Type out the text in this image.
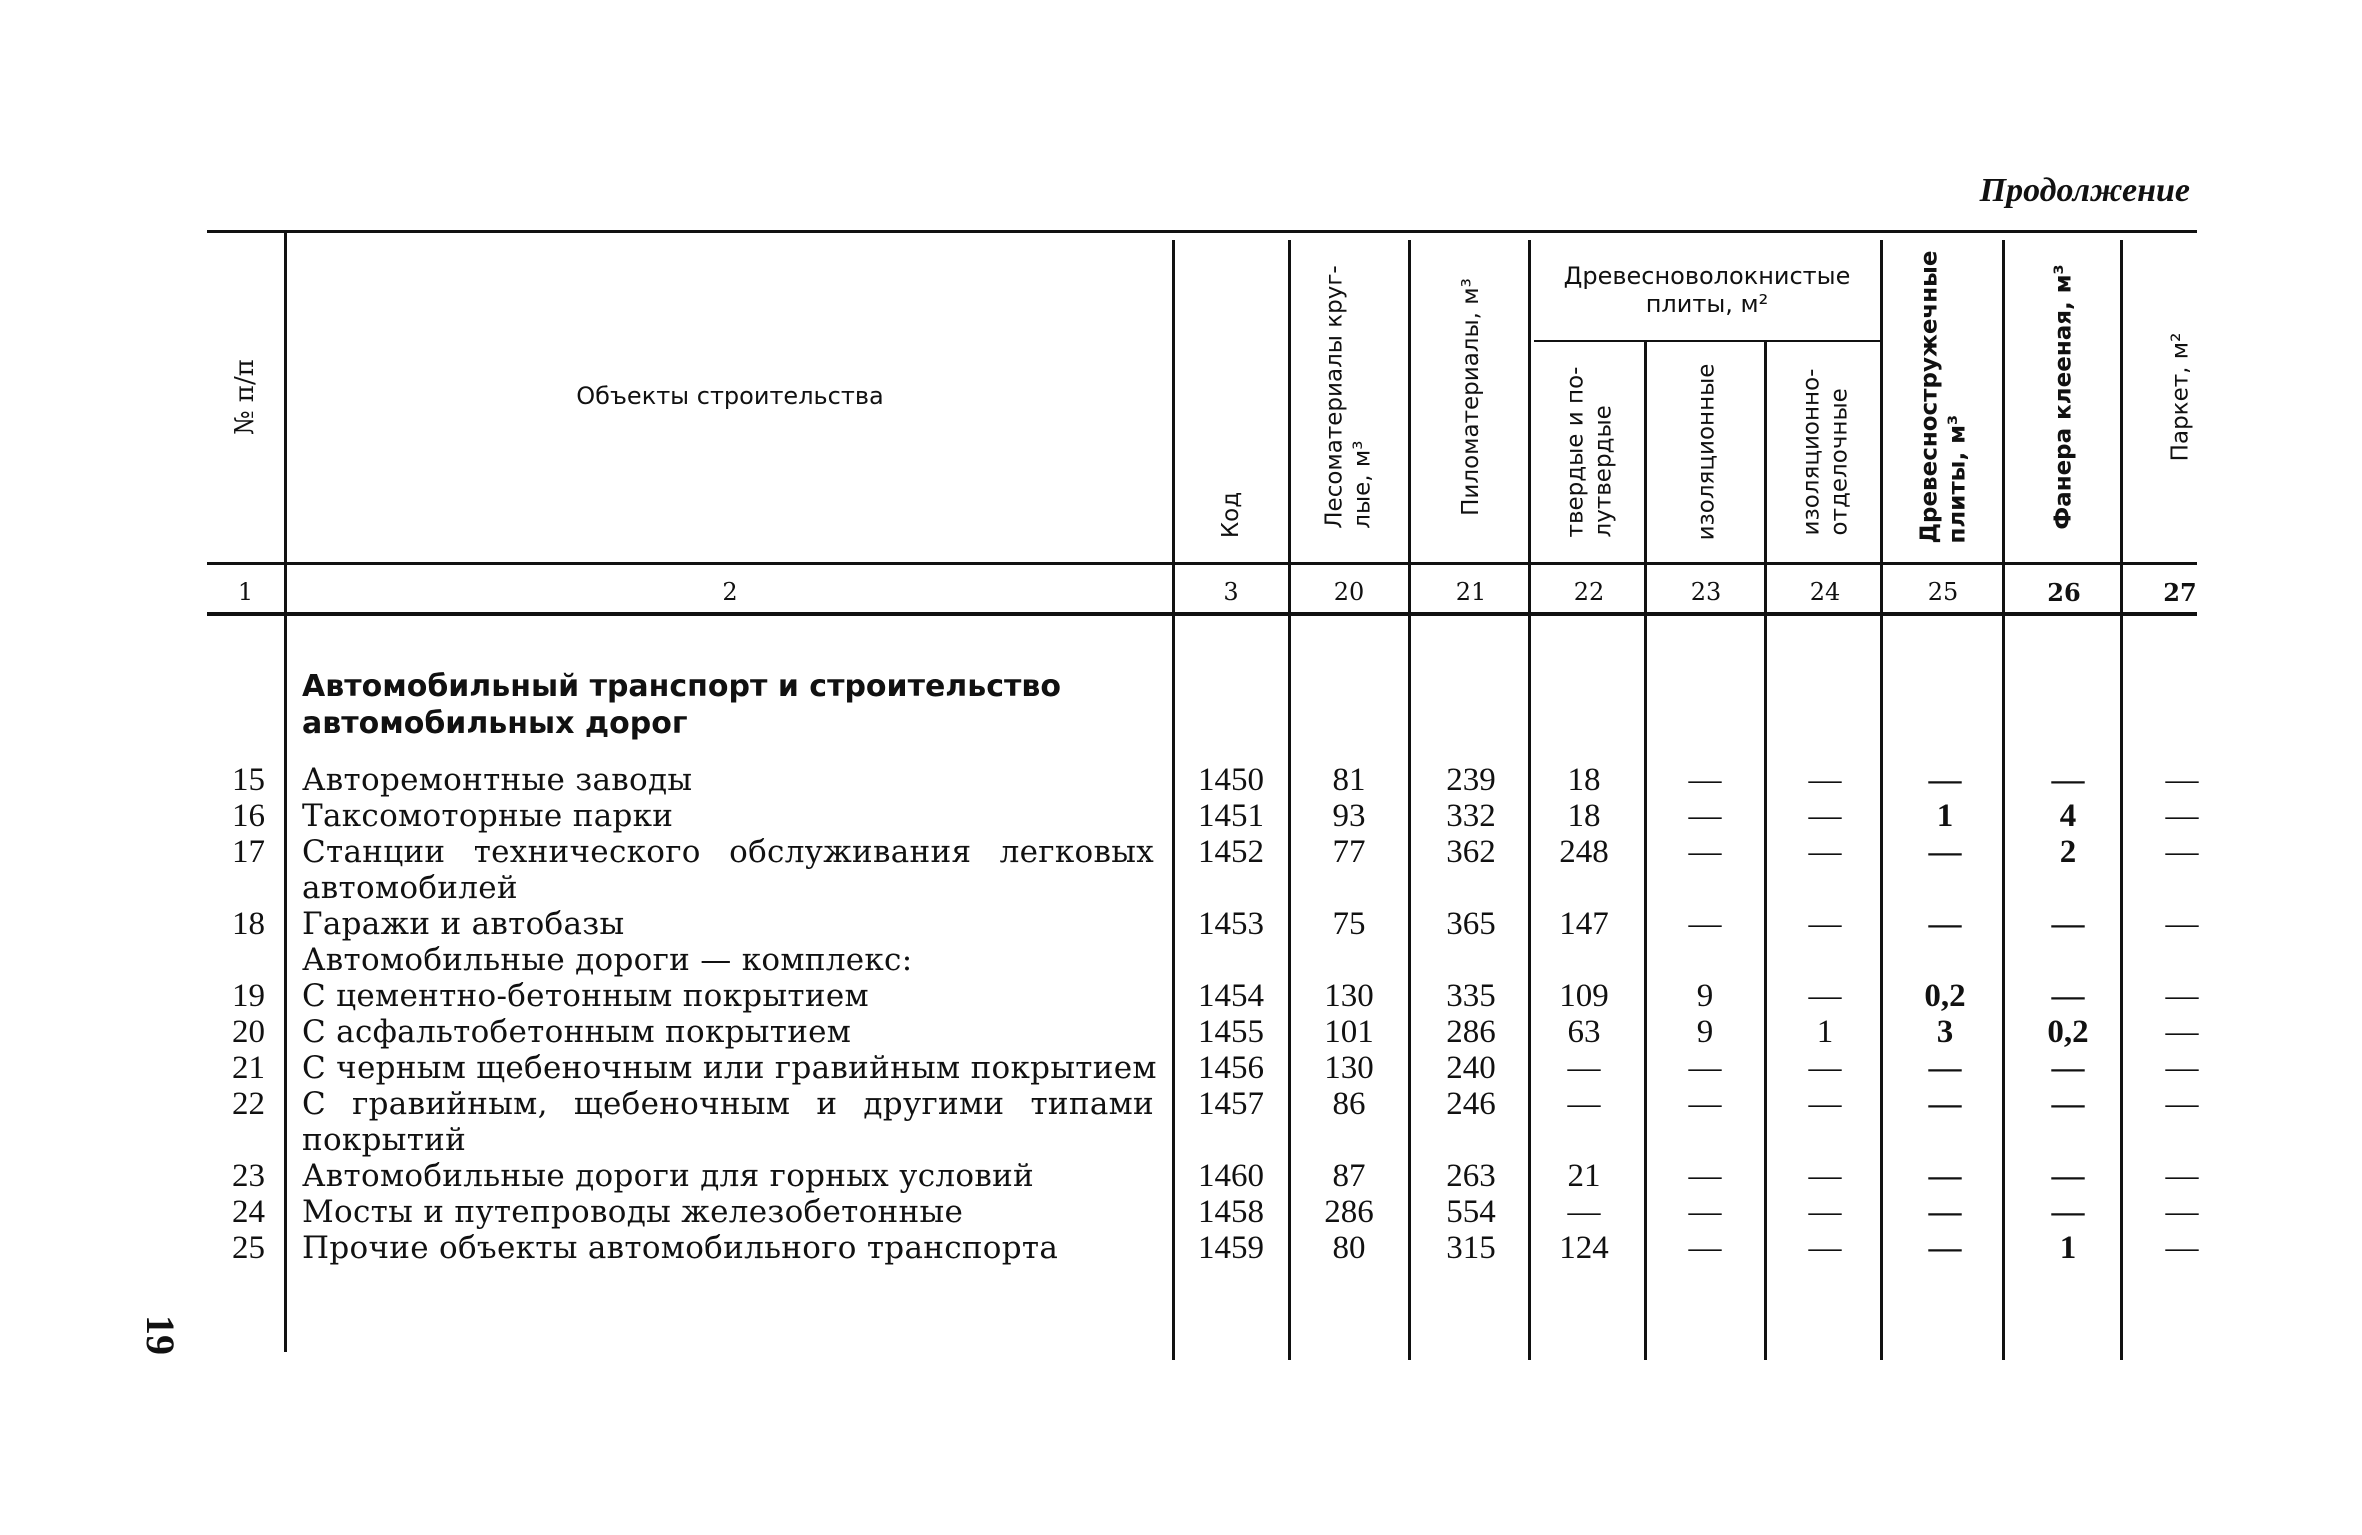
Продолжение
№ п/п	Объекты строительства
Код	Лесоматериалы круг- лые, м³	Пиломатериалы, м³
Древесноволокнистые
плиты, м²
твердые и по- лутвердые	изоляционные	изоляционно- отделочные	Древесностружечные плиты, м³	Фанера клееная, м³	Паркет, м²
1	2	3	20	21	22	23	24	25	26	27
Автомобильный транспорт и строительство
автомобильных дорог
15 Авторемонтные заводы	1450	81	239	18	—	—	—	—	—
16 Таксомоторные парки	1451	93	332	18	—	—	1	4	—
17 Станции технического обслуживания легковых автомобилей
1452	77	362	248	—	—	—	2	—
18 Гаражи и автобазы	1453	75	365	147	—	—	—	—	—
Автомобильные дороги — комплекс:
19 С цементно-бетонным покрытием	1454	130	335	109	9	—	0,2	—	—
20 С асфальтобетонным покрытием	1455	101	286	63	9	1	3	0,2	—
21 С черным щебеночным или гравийным покрытием	1456	130	240	—	—	—	—	—	—
22 С гравийным, щебеночным и другими типами покрытий
1457	86	246	—	—	—	—	—	—
23 Автомобильные дороги для горных условий	1460	87	263	21	—	—	—	—	—
24 Мосты и путепроводы железобетонные	1458	286	554	—	—	—	—	—	—
25 Прочие объекты автомобильного транспорта	1459	80	315	124	—	—	—	1	—
19
